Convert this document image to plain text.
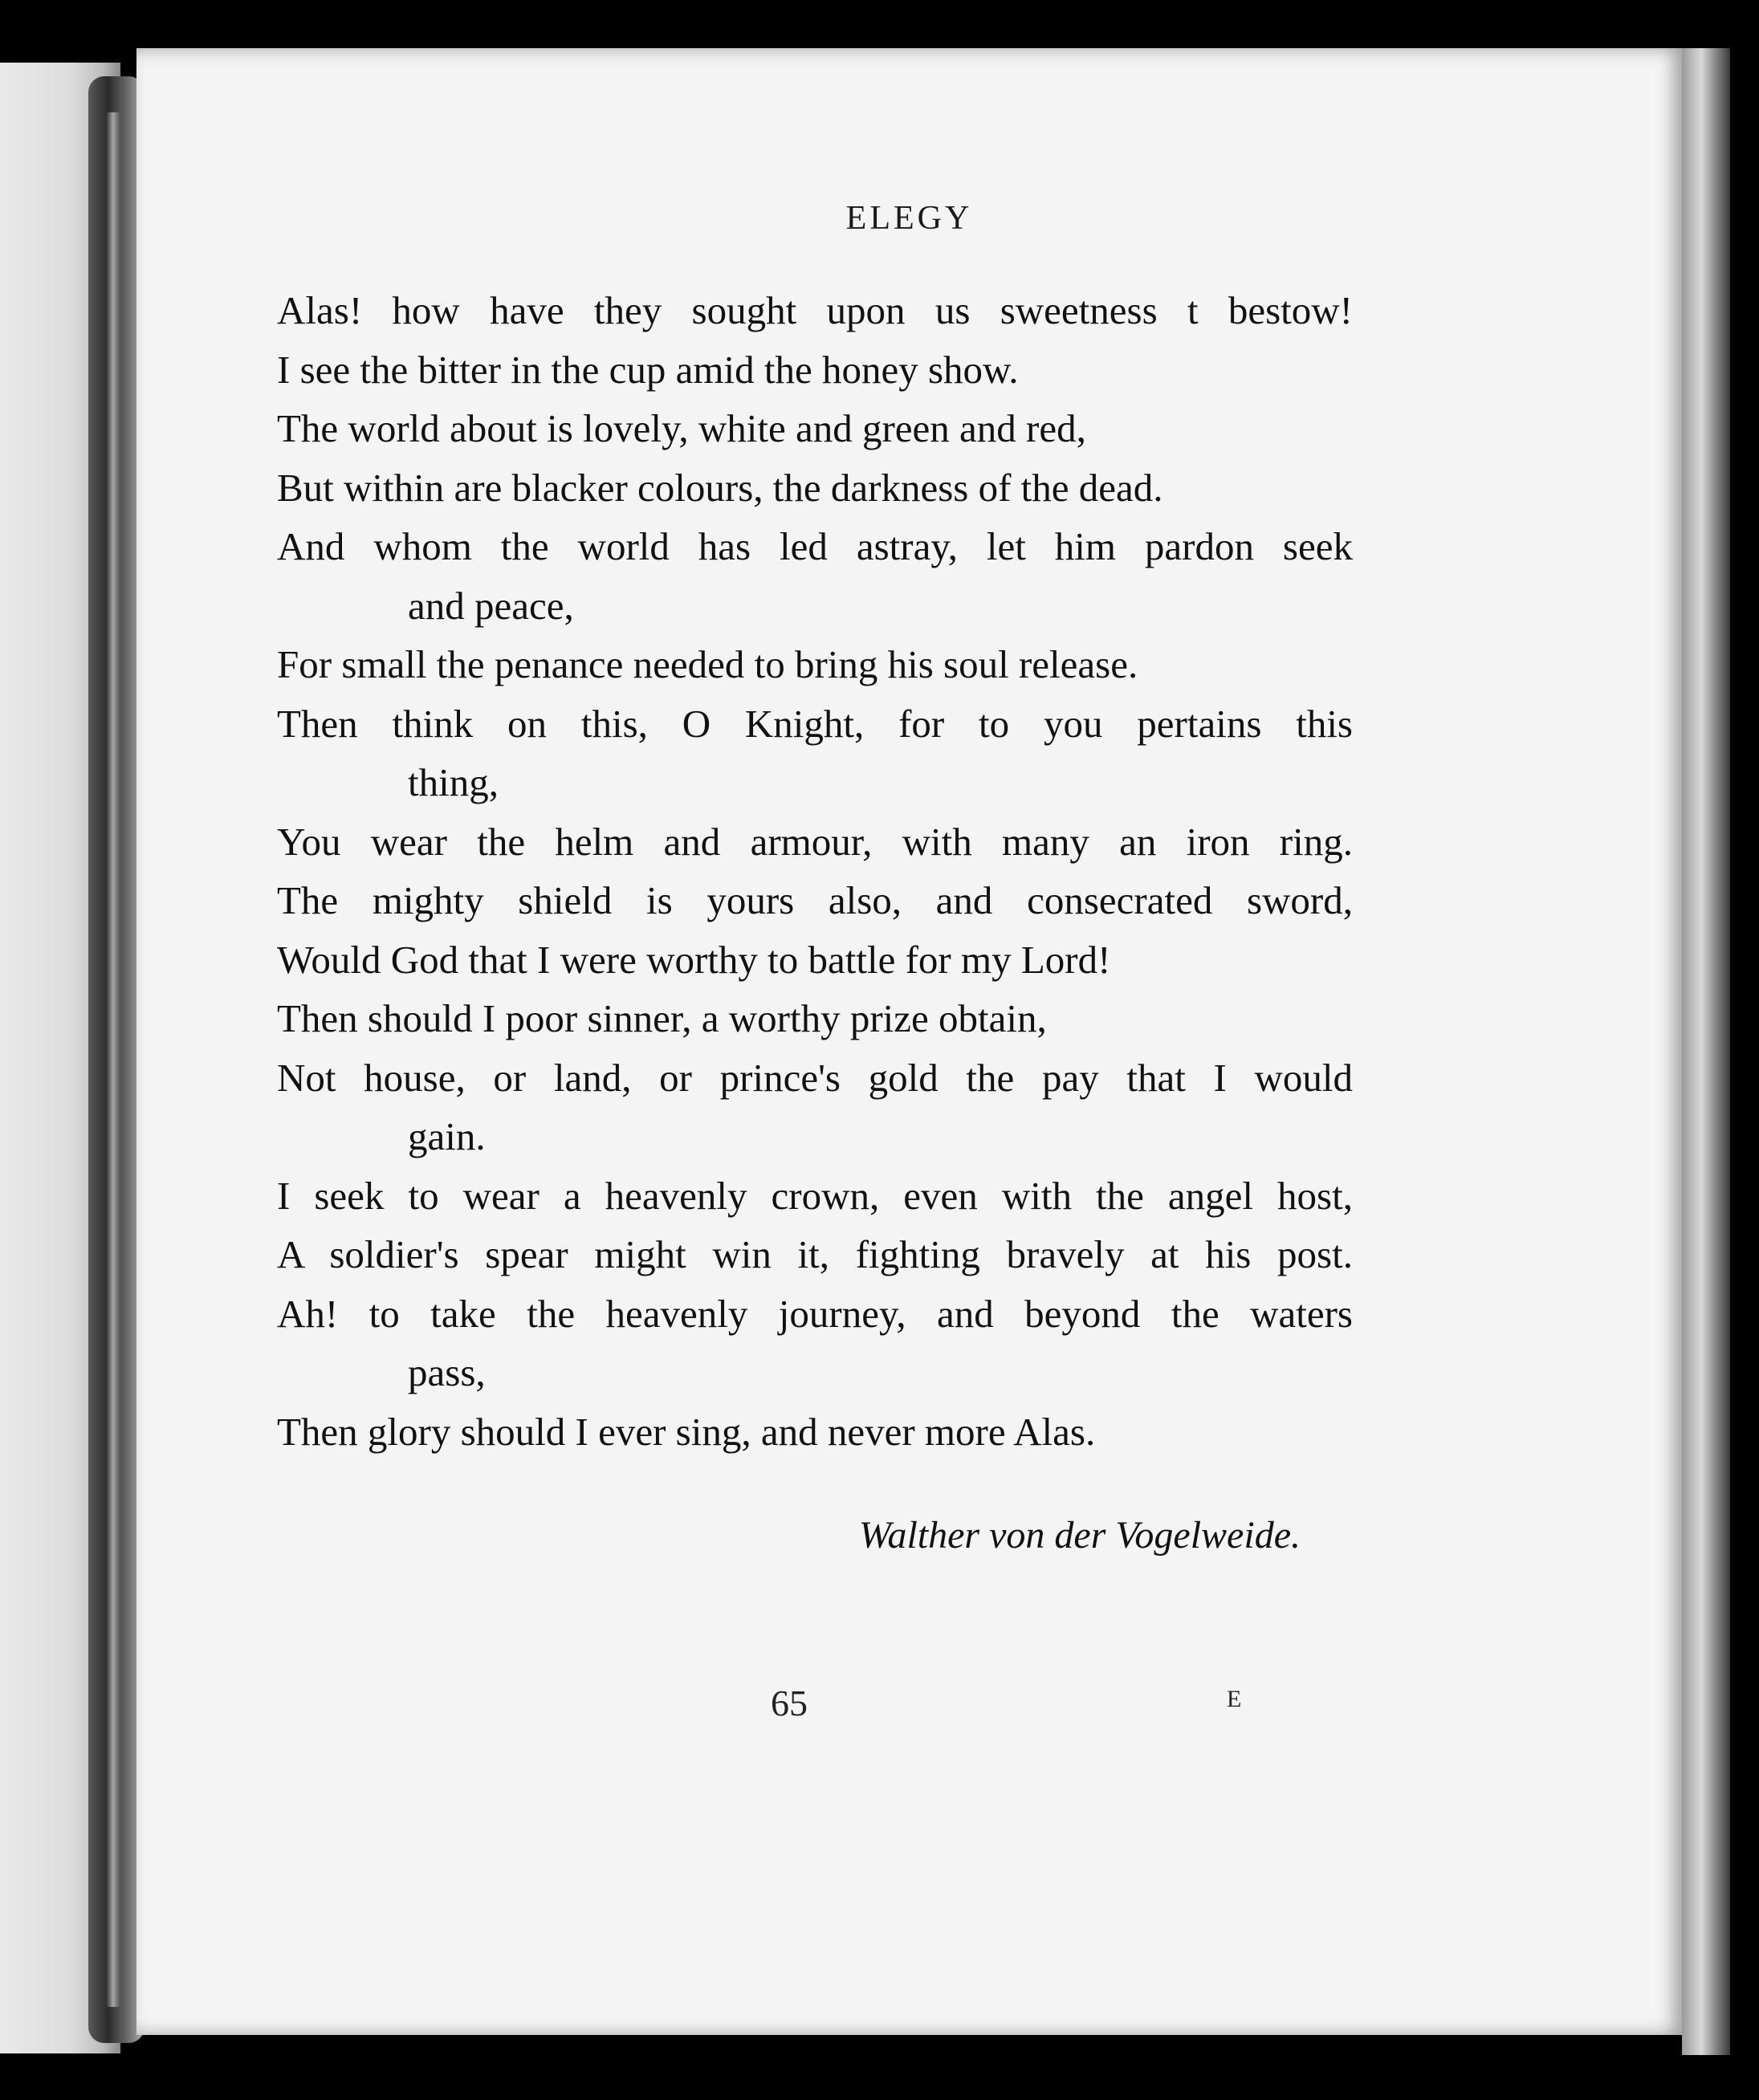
ELEGY
Alas! how have they sought upon us sweetness t bestow!
I see the bitter in the cup amid the honey show.
The world about is lovely, white and green and red,
But within are blacker colours, the darkness of the dead.
And whom the world has led astray, let him pardon seek
and peace,
For small the penance needed to bring his soul release.
Then think on this, O Knight, for to you pertains this
thing,
You wear the helm and armour, with many an iron ring.
The mighty shield is yours also, and consecrated sword,
Would God that I were worthy to battle for my Lord!
Then should I poor sinner, a worthy prize obtain,
Not house, or land, or prince's gold the pay that I would
gain.
I seek to wear a heavenly crown, even with the angel host,
A soldier's spear might win it, fighting bravely at his post.
Ah! to take the heavenly journey, and beyond the waters
pass,
Then glory should I ever sing, and never more Alas.
Walther von der Vogelweide.
65	E
